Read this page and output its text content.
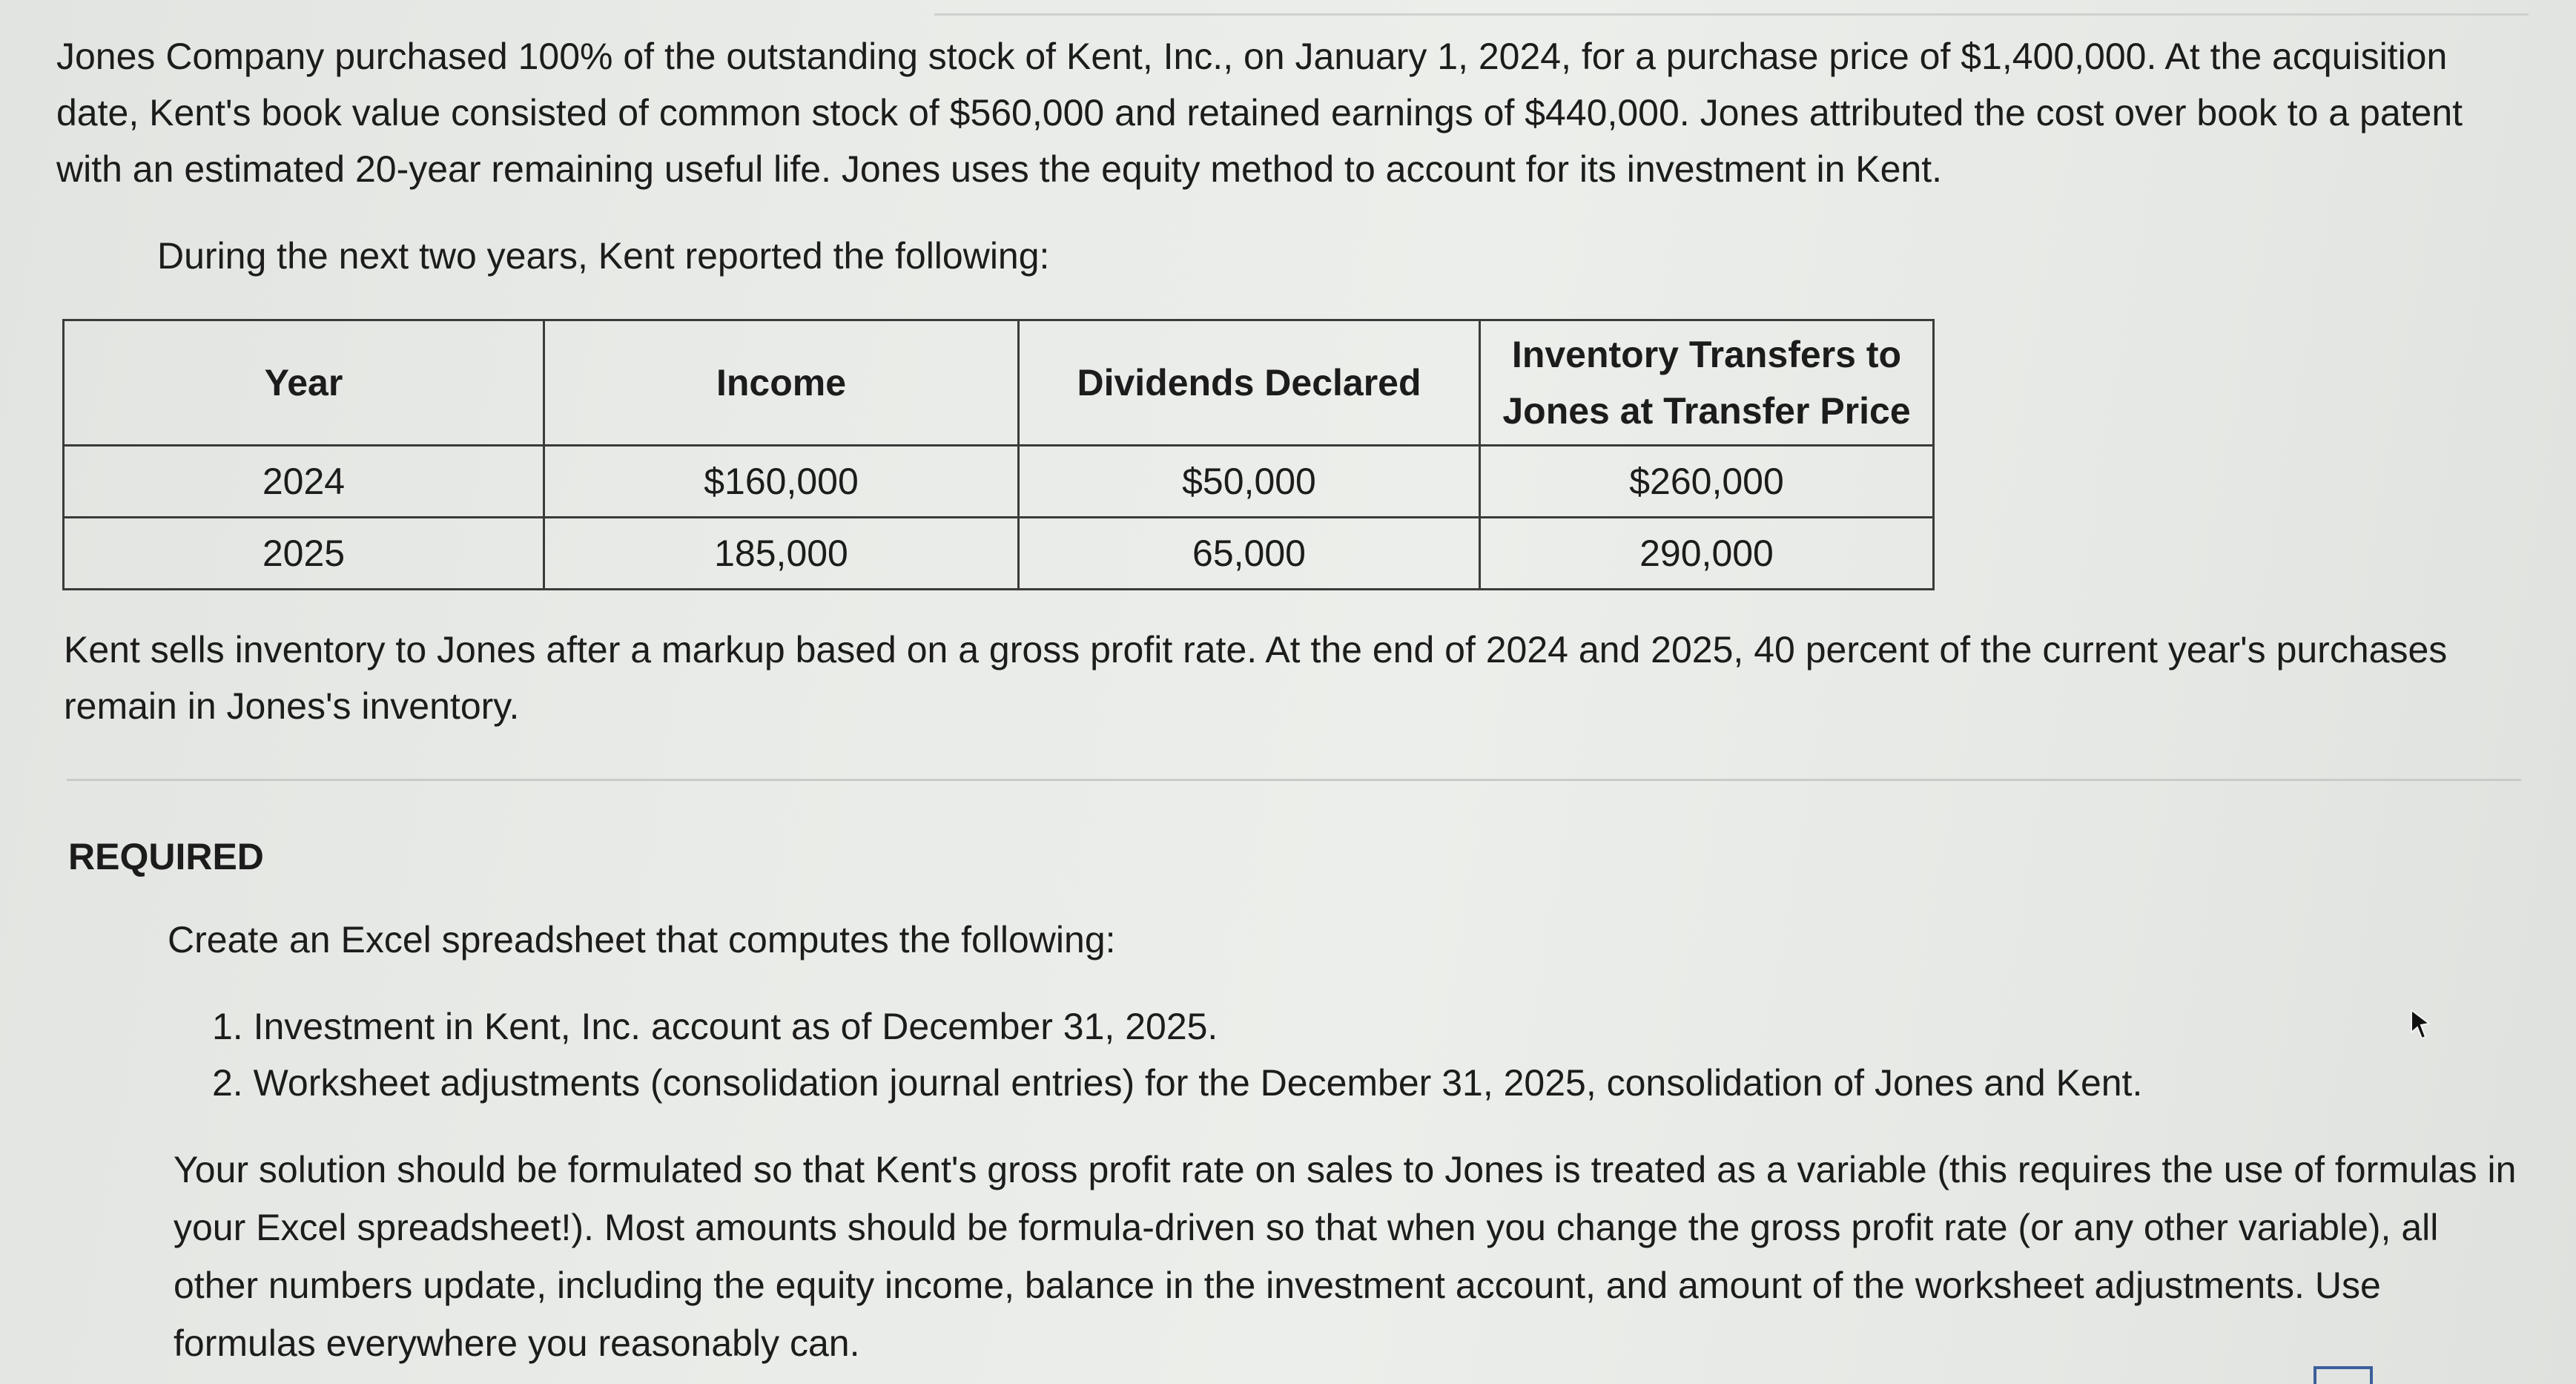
Jones Company purchased 100% of the outstanding stock of Kent, Inc., on January 1, 2024, for a purchase price of $1,400,000. At the acquisition date, Kent's book value consisted of common stock of $560,000 and retained earnings of $440,000. Jones attributed the cost over book to a patent with an estimated 20-year remaining useful life. Jones uses the equity method to account for its investment in Kent.

During the next two years, Kent reported the following:

Year	Income	Dividends Declared	Inventory Transfers to Jones at Transfer Price
2024	$160,000	$50,000	$260,000
2025	185,000	65,000	290,000

Kent sells inventory to Jones after a markup based on a gross profit rate. At the end of 2024 and 2025, 40 percent of the current year's purchases remain in Jones's inventory.

REQUIRED

Create an Excel spreadsheet that computes the following:

1. Investment in Kent, Inc. account as of December 31, 2025.
2. Worksheet adjustments (consolidation journal entries) for the December 31, 2025, consolidation of Jones and Kent.

Your solution should be formulated so that Kent's gross profit rate on sales to Jones is treated as a variable (this requires the use of formulas in your Excel spreadsheet!). Most amounts should be formula-driven so that when you change the gross profit rate (or any other variable), all other numbers update, including the equity income, balance in the investment account, and amount of the worksheet adjustments. Use formulas everywhere you reasonably can.
